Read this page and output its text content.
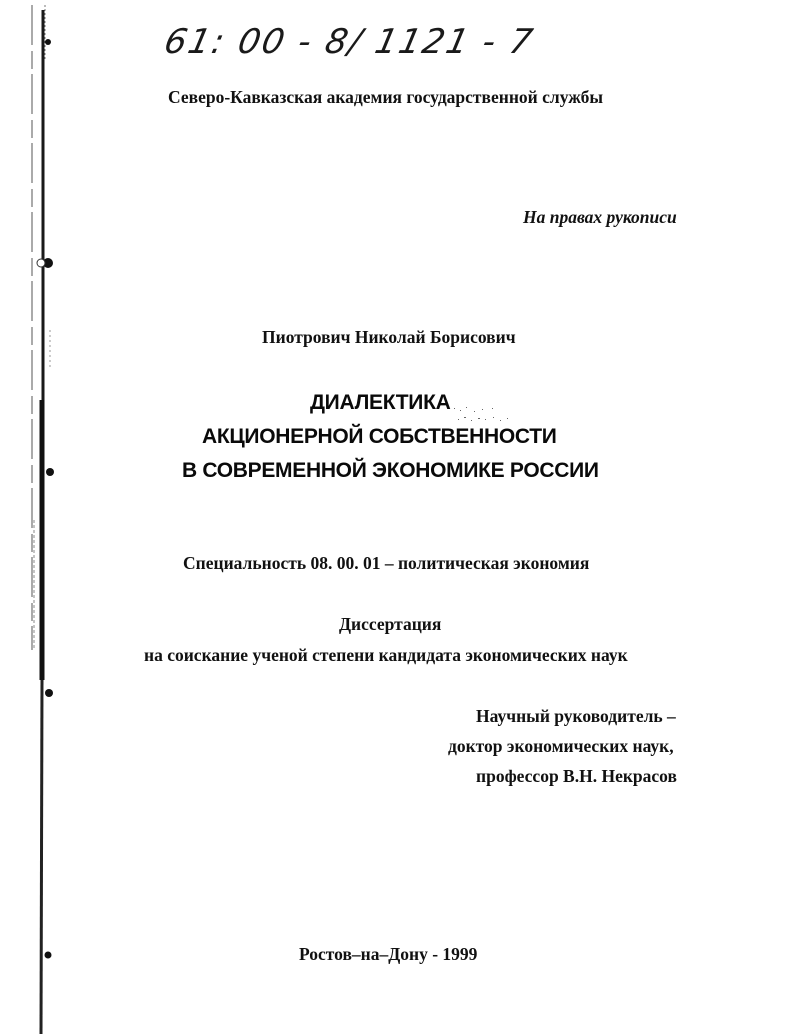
61: 00 - 8/ 1121 - 7
Северо-Кавказская академия государственной службы
На правах рукописи
Пиотрович Николай Борисович
ДИАЛЕКТИКА
АКЦИОНЕРНОЙ СОБСТВЕННОСТИ
В СОВРЕМЕННОЙ ЭКОНОМИКЕ РОССИИ
Специальность 08. 00. 01 – политическая экономия
Диссертация
на соискание ученой степени кандидата экономических наук
Научный руководитель –
доктор экономических наук,
профессор В.Н. Некрасов
Ростов–на–Дону - 1999
